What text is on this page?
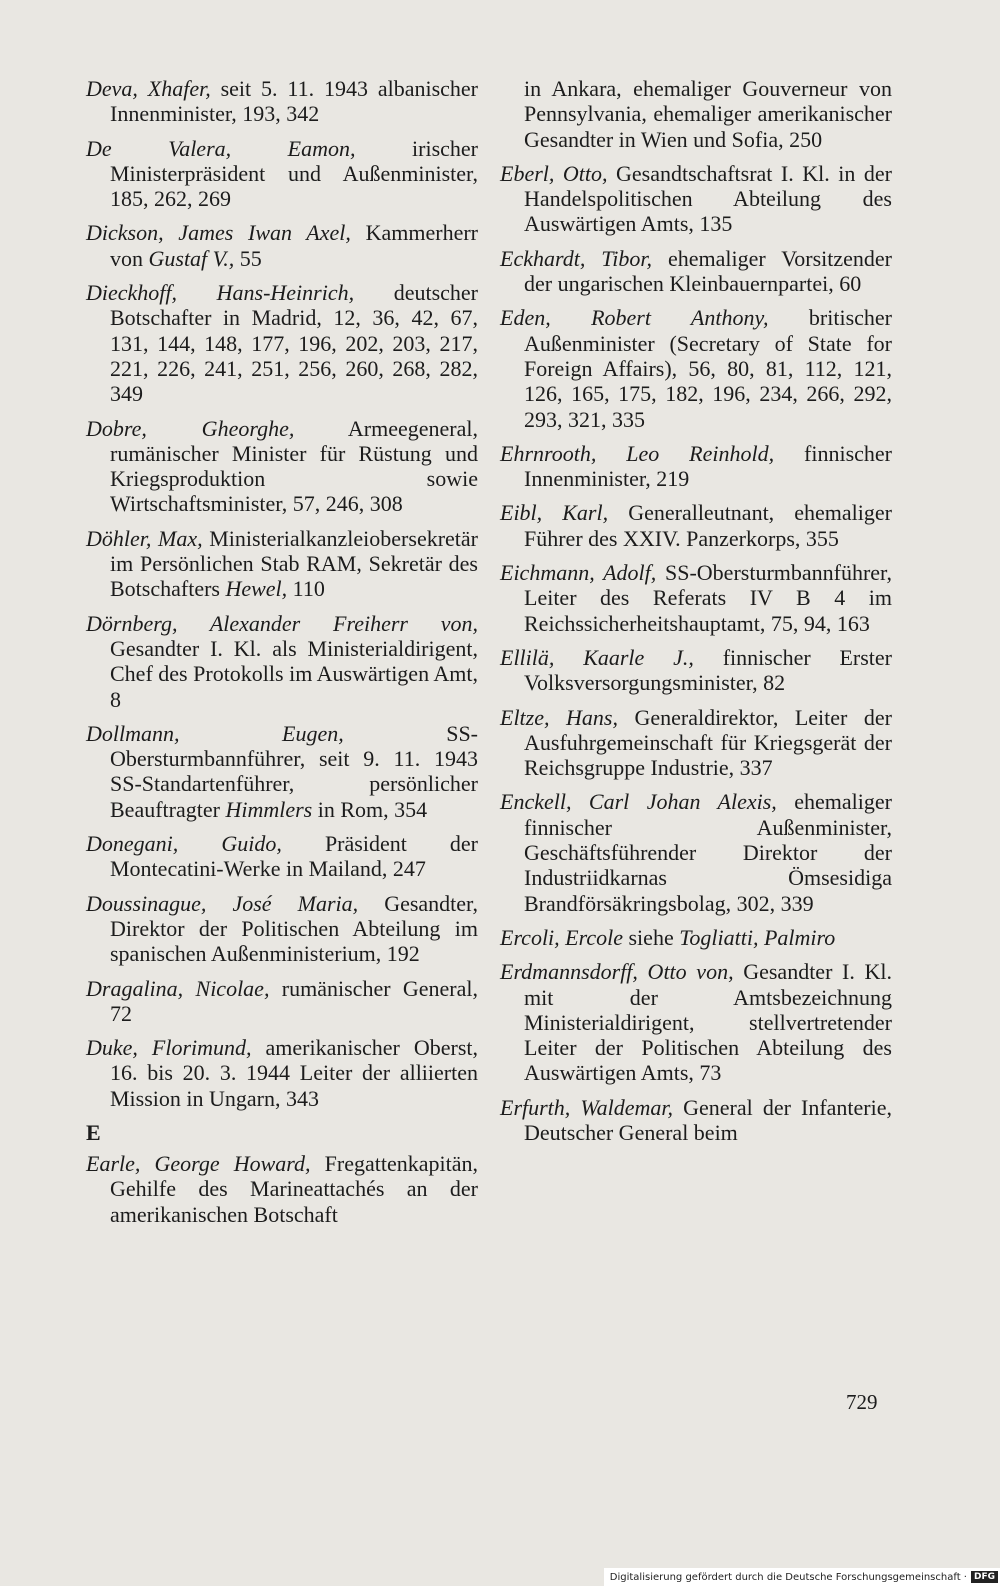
Deva, Xhafer, seit 5. 11. 1943 albanischer Innenminister, 193, 342
De Valera, Eamon, irischer Ministerpräsident und Außenminister, 185, 262, 269
Dickson, James Iwan Axel, Kammerherr von Gustaf V., 55
Dieckhoff, Hans-Heinrich, deutscher Botschafter in Madrid, 12, 36, 42, 67, 131, 144, 148, 177, 196, 202, 203, 217, 221, 226, 241, 251, 256, 260, 268, 282, 349
Dobre, Gheorghe, Armeegeneral, rumänischer Minister für Rüstung und Kriegsproduktion sowie Wirtschaftsminister, 57, 246, 308
Döhler, Max, Ministerialkanzleiobersekretär im Persönlichen Stab RAM, Sekretär des Botschafters Hewel, 110
Dörnberg, Alexander Freiherr von, Gesandter I. Kl. als Ministerialdirigent, Chef des Protokolls im Auswärtigen Amt, 8
Dollmann, Eugen, SS-Obersturmbannführer, seit 9. 11. 1943 SS-Standartenführer, persönlicher Beauftragter Himmlers in Rom, 354
Donegani, Guido, Präsident der Montecatini-Werke in Mailand, 247
Doussinague, José Maria, Gesandter, Direktor der Politischen Abteilung im spanischen Außenministerium, 192
Dragalina, Nicolae, rumänischer General, 72
Duke, Florimund, amerikanischer Oberst, 16. bis 20. 3. 1944 Leiter der alliierten Mission in Ungarn, 343
E
Earle, George Howard, Fregattenkapitän, Gehilfe des Marineattachés an der amerikanischen Botschaft
in Ankara, ehemaliger Gouverneur von Pennsylvania, ehemaliger amerikanischer Gesandter in Wien und Sofia, 250
Eberl, Otto, Gesandtschaftsrat I. Kl. in der Handelspolitischen Abteilung des Auswärtigen Amts, 135
Eckhardt, Tibor, ehemaliger Vorsitzender der ungarischen Kleinbauernpartei, 60
Eden, Robert Anthony, britischer Außenminister (Secretary of State for Foreign Affairs), 56, 80, 81, 112, 121, 126, 165, 175, 182, 196, 234, 266, 292, 293, 321, 335
Ehrnrooth, Leo Reinhold, finnischer Innenminister, 219
Eibl, Karl, Generalleutnant, ehemaliger Führer des XXIV. Panzerkorps, 355
Eichmann, Adolf, SS-Obersturmbannführer, Leiter des Referats IV B 4 im Reichssicherheitshauptamt, 75, 94, 163
Ellilä, Kaarle J., finnischer Erster Volksversorgungsminister, 82
Eltze, Hans, Generaldirektor, Leiter der Ausfuhrgemeinschaft für Kriegsgerät der Reichsgruppe Industrie, 337
Enckell, Carl Johan Alexis, ehemaliger finnischer Außenminister, Geschäftsführender Direktor der Industriidkarnas Ömsesidiga Brandförsäkringsbolag, 302, 339
Ercoli, Ercole siehe Togliatti, Palmiro
Erdmannsdorff, Otto von, Gesandter I. Kl. mit der Amtsbezeichnung Ministerialdirigent, stellvertretender Leiter der Politischen Abteilung des Auswärtigen Amts, 73
Erfurth, Waldemar, General der Infanterie, Deutscher General beim
729
Digitalisierung gefördert durch die Deutsche Forschungsgemeinschaft · DFG
